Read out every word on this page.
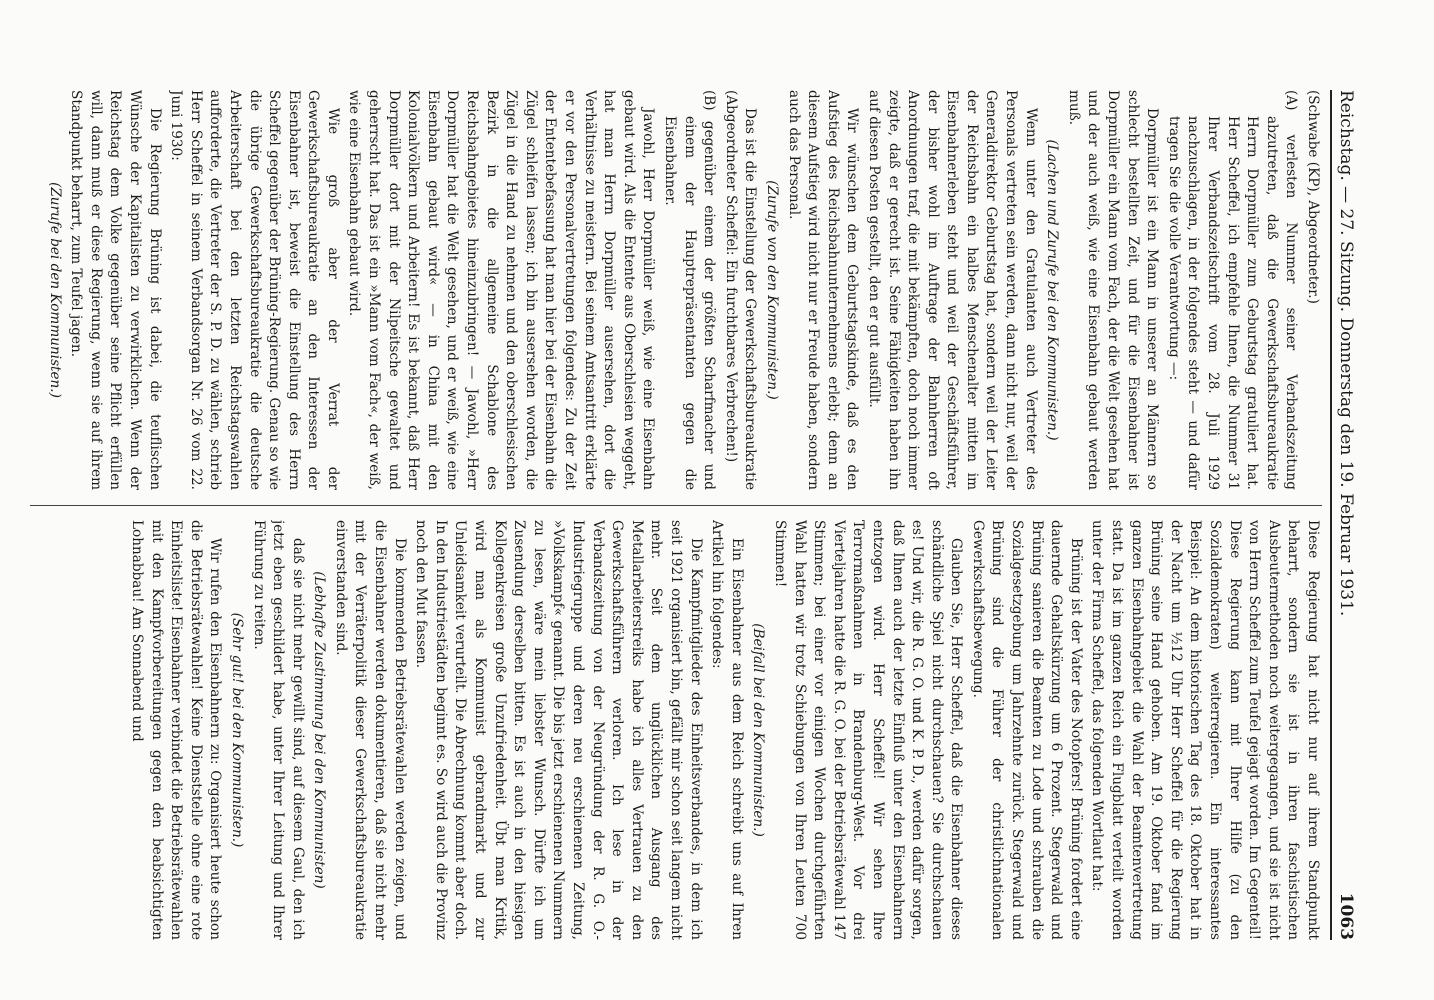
Reichstag. — 27. Sitzung. Donnerstag den 19. Februar 1931.
1063

(Schwabe (KP), Abgeordneter.)

(A) verlesten Nummer seiner Verbandszeitung abzutreten, daß die Gewerkschaftsbureaukratie Herrn Dorpmüller zum Geburtstag gratuliert hat. Herr Scheffel, ich empfehle Ihnen, die Nummer 31 Ihrer Verbandszeitschrift vom 28. Juli 1929 nachzuschlagen, in der folgendes steht — und dafür tragen Sie die volle Verantwortung —:

Dorpmüller ist ein Mann in unserer an Männern so schlecht bestellten Zeit, und für die Eisenbahner ist Dorpmüller ein Mann vom Fach, der die Welt gesehen hat und der auch weiß, wie eine Eisenbahn gebaut werden muß.

(Lachen und Zurufe bei den Kommunisten.)

Wenn unter den Gratulanten auch Vertreter des Personals vertreten sein werden, dann nicht nur, weil der Generaldirektor Geburtstag hat, sondern weil der Leiter der Reichsbahn ein halbes Menschenalter mitten im Eisenbahnerleben steht und weil der Geschäftsführer, der bisher wohl im Auftrage der Bahnherren oft Anordnungen traf, die mit bekämpften, doch noch immer zeigte, daß er gerecht ist. Seine Fähigkeiten haben ihn auf diesen Posten gestellt, den er gut ausfüllt.

Wir wünschen dem Geburtstagskinde, daß es den Aufstieg des Reichsbahnunternehmens erlebt; denn an diesem Aufstieg wird nicht nur er Freude haben, sondern auch das Personal.

(Zurufe von den Kommunisten.)

Das ist die Einstellung der Gewerkschaftsbureaukratie (Abgeordneter Scheffel: Ein furchtbares Verbrechen!)

(B) gegenüber einem der größten Scharfmacher und einem der Hauptrepräsentanten gegen die Eisenbahner.

Jawohl, Herr Dorpmüller weiß, wie eine Eisenbahn gebaut wird. Als die Entente aus Oberschlesien weggeht, hat man Herrn Dorpmüller ausersehen, dort die Verhältnisse zu meistern. Bei seinem Amtsantritt erklärte er vor den Personalvertretungen folgendes: Zu der Zeit der Ententebefassung hat man hier bei der Eisenbahn die Zügel schleifen lassen; ich bin ausersehen worden, die Zügel in die Hand zu nehmen und den oberschlesischen Bezirk in die allgemeine Schablone des Reichsbahngebietes hineinzubringen! — Jawohl, »Herr Dorpmüller hat die Welt gesehen, und er weiß, wie eine Eisenbahn gebaut wird« — in China mit den Kolonialvölkern und Arbeitern! Es ist bekannt, daß Herr Dorpmüller dort mit der Nilpeitsche gewaltet und geherrscht hat. Das ist ein »Mann vom Fach«, der weiß, wie eine Eisenbahn gebaut wird.

Wie groß aber der Verrat der Gewerkschaftsbureaukratie an den Interessen der Eisenbahner ist, beweist die Einstellung des Herrn Scheffel gegenüber der Brüning-Regierung. Genau so wie die übrige Gewerkschaftsbureaukratie die deutsche Arbeiterschaft bei den letzten Reichstagswahlen aufforderte, die Vertreter der S. P. D. zu wählen, schrieb Herr Scheffel in seinem Verbandsorgan Nr. 26 vom 22. Juni 1930:

Die Regierung Brüning ist dabei, die teuflischen Wünsche der Kapitalisten zu verwirklichen. Wenn der Reichstag dem Volke gegenüber seine Pflicht erfüllen will, dann muß er diese Regierung, wenn sie auf ihrem Standpunkt beharrt, zum Teufel jagen.

(Zurufe bei den Kommunisten.)

Diese Regierung hat nicht nur auf ihrem Standpunkt beharrt, sondern sie ist in ihren faschistischen Ausbeutermethoden noch weitergegangen, und sie ist nicht von Herrn Scheffel zum Teufel gejagt worden. Im Gegenteil! Diese Regierung kann mit Ihrer Hilfe (zu den Sozialdemokraten) weiterregieren. Ein interessantes Beispiel: An dem historischen Tag des 18. Oktober hat in der Nacht um ½12 Uhr Herr Scheffel für die Regierung Brüning seine Hand gehoben. Am 19. Oktober fand im ganzen Eisenbahngebiet die Wahl der Beamtenvertretung statt. Da ist im ganzen Reich ein Flugblatt verteilt worden unter der Firma Scheffel, das folgenden Wortlaut hat:

Brüning ist der Vater des Notopfers! Brüning fordert eine dauernde Gehaltskürzung um 6 Prozent. Stegerwald und Brüning sanieren die Beamten zu Lode und schrauben die Sozialgesetzgebung um Jahrzehnte zurück. Stegerwald und Brüning sind die Führer der christlichnationalen Gewerkschaftsbewegung.

Glauben Sie, Herr Scheffel, daß die Eisenbahner dieses schändliche Spiel nicht durchschauen? Sie durchschauen es! Und wir, die R. G. O. und K. P. D., werden dafür sorgen, daß Ihnen auch der letzte Einfluß unter den Eisenbahnern entzogen wird. Herr Scheffel! Wir sehen Ihre Terrormaßnahmen in Brandenburg-West. Vor drei Vierteljahren hatte die R. G. O. bei der Betriebsrätewahl 147 Stimmen; bei einer vor einigen Wochen durchgeführten Wahl hatten wir trotz Schiebungen von Ihren Leuten 700 Stimmen!

(Beifall bei den Kommunisten.)

Ein Eisenbahner aus dem Reich schreibt uns auf Ihren Artikel hin folgendes:

Die Kampfmitglieder des Einheitsverbandes, in dem ich seit 1921 organisiert bin, gefällt mir schon seit langem nicht mehr. Seit dem unglücklichen Ausgang des Metallarbeiterstreiks habe ich alles Vertrauen zu den Gewerkschaftsführern verloren. Ich lese in der Verbandszeitung von der Neugründung der R. G. O.-Industriegruppe und deren neu erschienenen Zeitung, »Volkskampf« genannt. Die bis jetzt erschienenen Nummern zu lesen, wäre mein liebster Wunsch. Dürfte ich um Zusendung derselben bitten. Es ist auch in den hiesigen Kollegenkreisen große Unzufriedenheit. Übt man Kritik, wird man als Kommunist gebrandmarkt und zur Unleidsamkeit verurteilt. Die Abrechnung kommt aber doch. In den Industriestädten beginnt es. So wird auch die Provinz noch den Mut fassen.

Die kommenden Betriebsrätewahlen werden zeigen, und die Eisenbahner werden dokumentieren, daß sie nicht mehr mit der Verräterpolitik dieser Gewerkschaftsbureaukratie einverstanden sind.

(Lebhafte Zustimmung bei den Kommunisten)

daß sie nicht mehr gewillt sind, auf diesem Gaul, den ich jetzt eben geschildert habe, unter Ihrer Leitung und Ihrer Führung zu reiten.

(Sehr gut! bei den Kommunisten.)

Wir rufen den Eisenbahnern zu: Organisiert heute schon die Betriebsrätewahlen! Keine Dienststelle ohne eine rote Einheitsliste! Eisenbahner verbindet die Betriebsrätewahlen mit den Kampfvorbereitungen gegen den beabsichtigten Lohnabbau! Am Sonnabend und
